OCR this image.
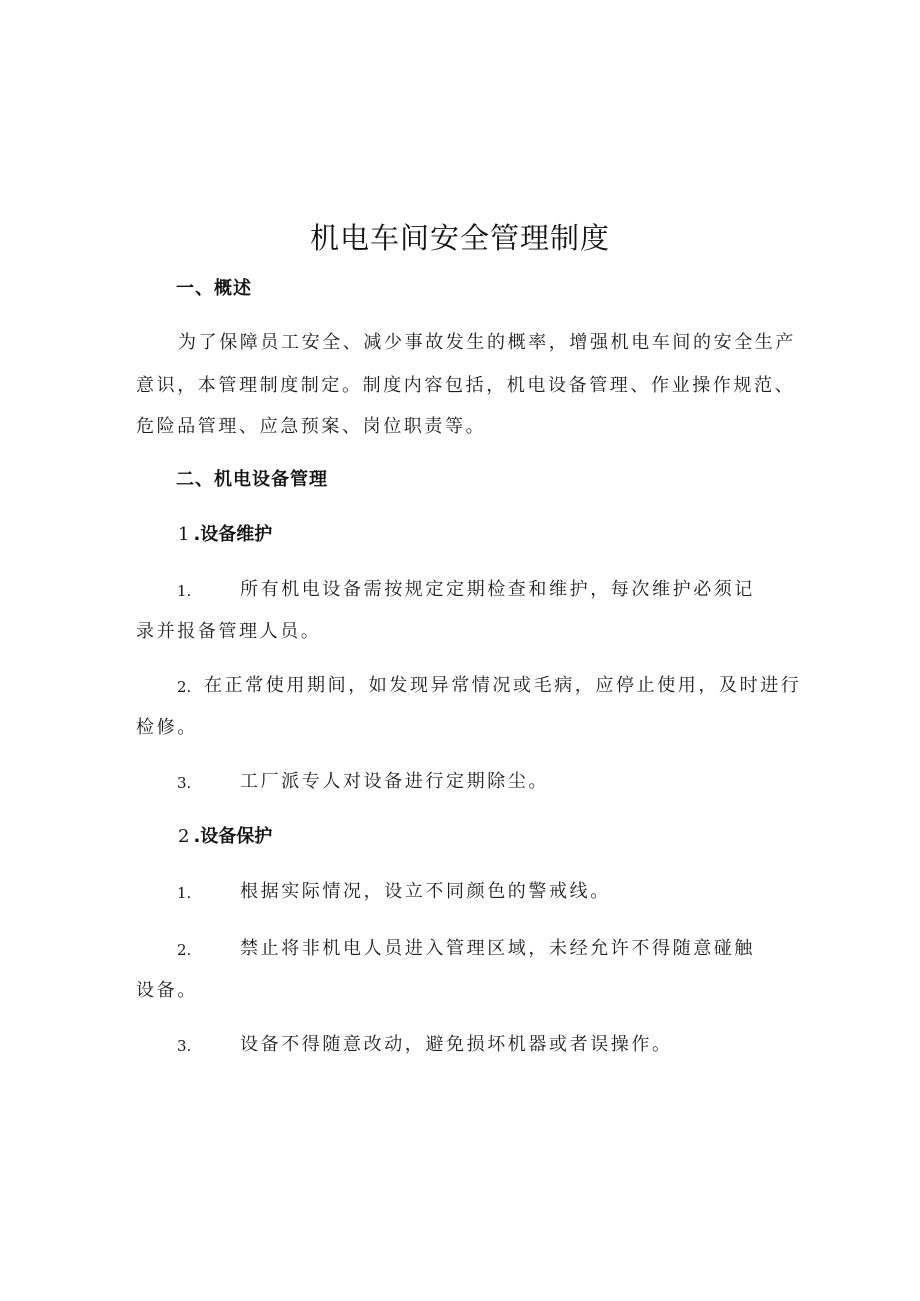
机电车间安全管理制度
一、概述
为了保障员工安全、减少事故发生的概率，增强机电车间的安全生产
意识，本管理制度制定。制度内容包括，机电设备管理、作业操作规范、
危险品管理、应急预案、岗位职责等。
二、机电设备管理
1 .设备维护
1.	所有机电设备需按规定定期检查和维护，每次维护必须记
录并报备管理人员。
2. 在正常使用期间，如发现异常情况或毛病，应停止使用，及时进行
检修。
3.	工厂派专人对设备进行定期除尘。
2 .设备保护
1.	根据实际情况，设立不同颜色的警戒线。
2.	禁止将非机电人员进入管理区域，未经允许不得随意碰触
设备。
3.	设备不得随意改动，避免损坏机器或者误操作。
